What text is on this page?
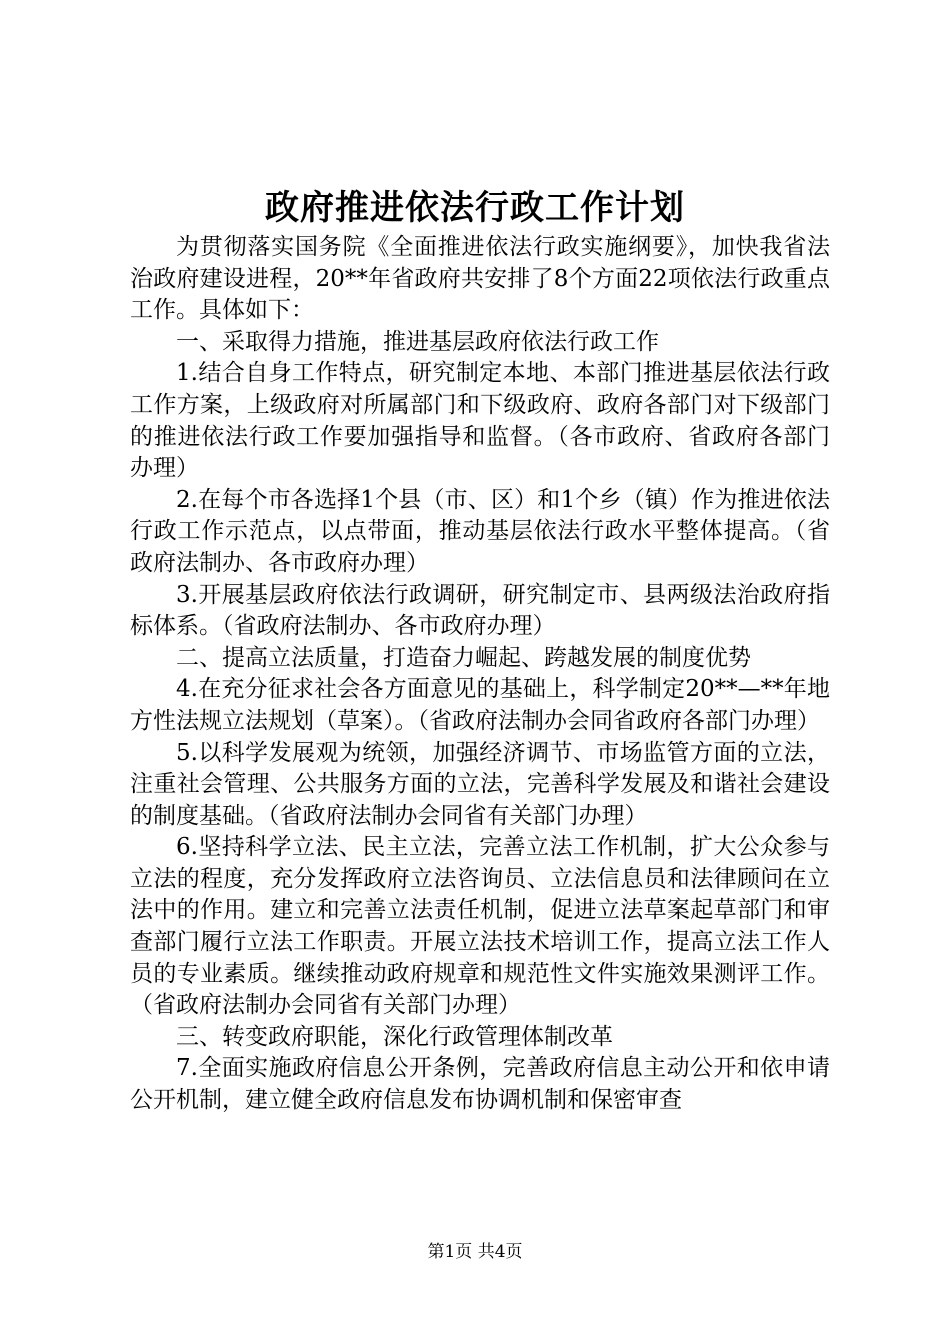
政府推进依法行政工作计划

为贯彻落实国务院《全面推进依法行政实施纲要》，加快我省法治政府建设进程，20**年省政府共安排了8个方面22项依法行政重点工作。具体如下：

一、采取得力措施，推进基层政府依法行政工作

1.结合自身工作特点，研究制定本地、本部门推进基层依法行政工作方案，上级政府对所属部门和下级政府、政府各部门对下级部门的推进依法行政工作要加强指导和监督。（各市政府、省政府各部门办理）

2.在每个市各选择1个县（市、区）和1个乡（镇）作为推进依法行政工作示范点，以点带面，推动基层依法行政水平整体提高。（省政府法制办、各市政府办理）

3.开展基层政府依法行政调研，研究制定市、县两级法治政府指标体系。（省政府法制办、各市政府办理）

二、提高立法质量，打造奋力崛起、跨越发展的制度优势

4.在充分征求社会各方面意见的基础上，科学制定20**—**年地方性法规立法规划（草案）。（省政府法制办会同省政府各部门办理）

5.以科学发展观为统领，加强经济调节、市场监管方面的立法，注重社会管理、公共服务方面的立法，完善科学发展及和谐社会建设的制度基础。（省政府法制办会同省有关部门办理）

6.坚持科学立法、民主立法，完善立法工作机制，扩大公众参与立法的程度，充分发挥政府立法咨询员、立法信息员和法律顾问在立法中的作用。建立和完善立法责任机制，促进立法草案起草部门和审查部门履行立法工作职责。开展立法技术培训工作，提高立法工作人员的专业素质。继续推动政府规章和规范性文件实施效果测评工作。（省政府法制办会同省有关部门办理）

三、转变政府职能，深化行政管理体制改革

7.全面实施政府信息公开条例，完善政府信息主动公开和依申请公开机制，建立健全政府信息发布协调机制和保密审查

第1页 共4页
